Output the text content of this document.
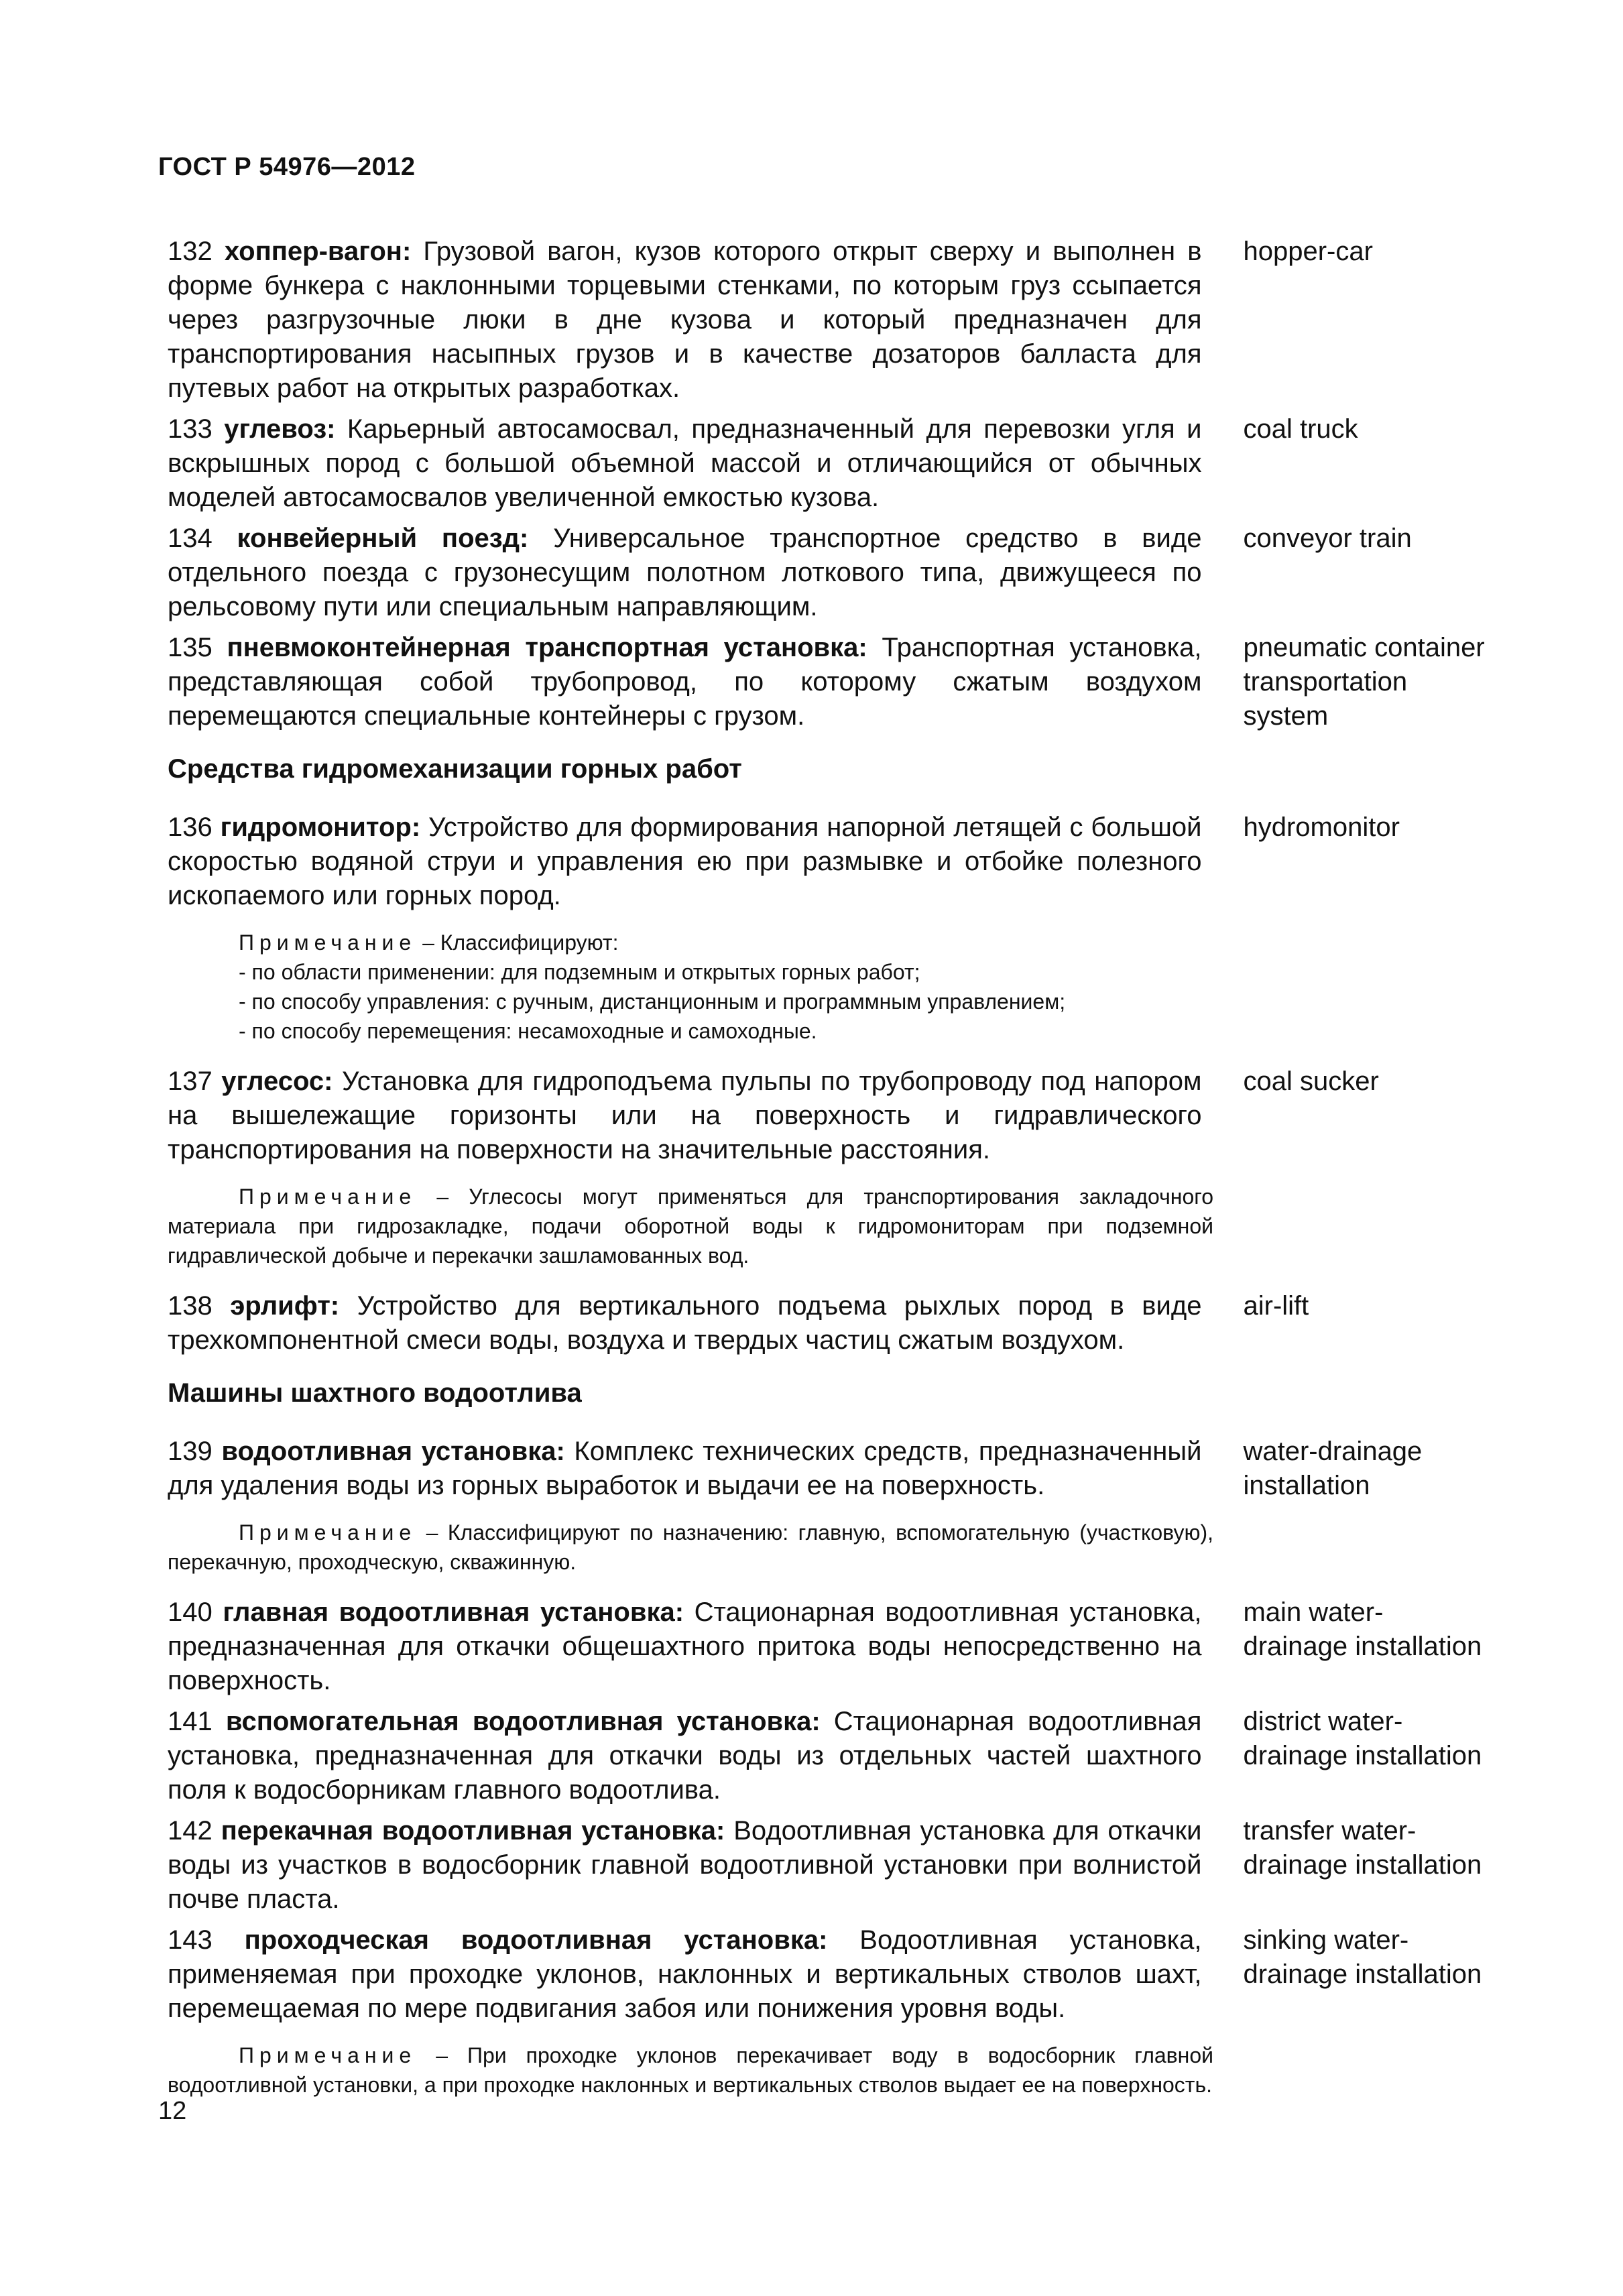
ГОСТ Р 54976—2012
132 хоппер-вагон: Грузовой вагон, кузов которого открыт сверху и выполнен в форме бункера с наклонными торцевыми стенками, по которым груз ссыпается через разгрузочные люки в дне кузова и который предназначен для транспортирования насыпных грузов и в качестве дозаторов балласта для путевых работ на открытых разработках.
hopper-car
133 углевоз: Карьерный автосамосвал, предназначенный для перевозки угля и вскрышных пород с большой объемной массой и отличающийся от обычных моделей автосамосвалов увеличенной емкостью кузова.
coal truck
134 конвейерный поезд: Универсальное транспортное средство в виде отдельного поезда с грузонесущим полотном лоткового типа, движущееся по рельсовому пути или специальным направляющим.
conveyor train
135 пневмоконтейнерная транспортная установка: Транспортная установка, представляющая собой трубопровод, по которому сжатым воздухом перемещаются специальные контейнеры с грузом.
pneumatic container
transportation
system
Средства гидромеханизации горных работ
136 гидромонитор: Устройство для формирования напорной летящей с большой скоростью водяной струи и управления ею при размывке и отбойке полезного ископаемого или горных пород.
hydromonitor
Примечание – Классифицируют:
- по области применении: для подземным и открытых горных работ;
- по способу управления: с ручным, дистанционным и программным управлением;
- по способу перемещения: несамоходные и самоходные.
137 углесос: Установка для гидроподъема пульпы по трубопроводу под напором на вышележащие горизонты или на поверхность и гидравлического транспортирования на поверхности на значительные расстояния.
coal sucker
Примечание – Углесосы могут применяться для транспортирования закладочного материала при гидрозакладке, подачи оборотной воды к гидромониторам при подземной гидравлической добыче и перекачки зашламованных вод.
138 эрлифт: Устройство для вертикального подъема рыхлых пород в виде трехкомпонентной смеси воды, воздуха и твердых частиц сжатым воздухом.
air-lift
Машины шахтного водоотлива
139 водоотливная установка: Комплекс технических средств, предназначенный для удаления воды из горных выработок и выдачи ее на поверхность.
water-drainage
installation
Примечание – Классифицируют по назначению: главную, вспомогательную (участковую), перекачную, проходческую, скважинную.
140 главная водоотливная установка: Стационарная водоотливная установка, предназначенная для откачки общешахтного притока воды непосредственно на поверхность.
main water-
drainage installation
141 вспомогательная водоотливная установка: Стационарная водоотливная установка, предназначенная для откачки воды из отдельных частей шахтного поля к водосборникам главного водоотлива.
district water-
drainage installation
142 перекачная водоотливная установка: Водоотливная установка для откачки воды из участков в водосборник главной водоотливной установки при волнистой почве пласта.
transfer water-
drainage installation
143 проходческая водоотливная установка: Водоотливная установка, применяемая при проходке уклонов, наклонных и вертикальных стволов шахт, перемещаемая по мере подвигания забоя или понижения уровня воды.
sinking water-
drainage installation
Примечание – При проходке уклонов перекачивает воду в водосборник главной водоотливной установки, а при проходке наклонных и вертикальных стволов выдает ее на поверхность.
12
